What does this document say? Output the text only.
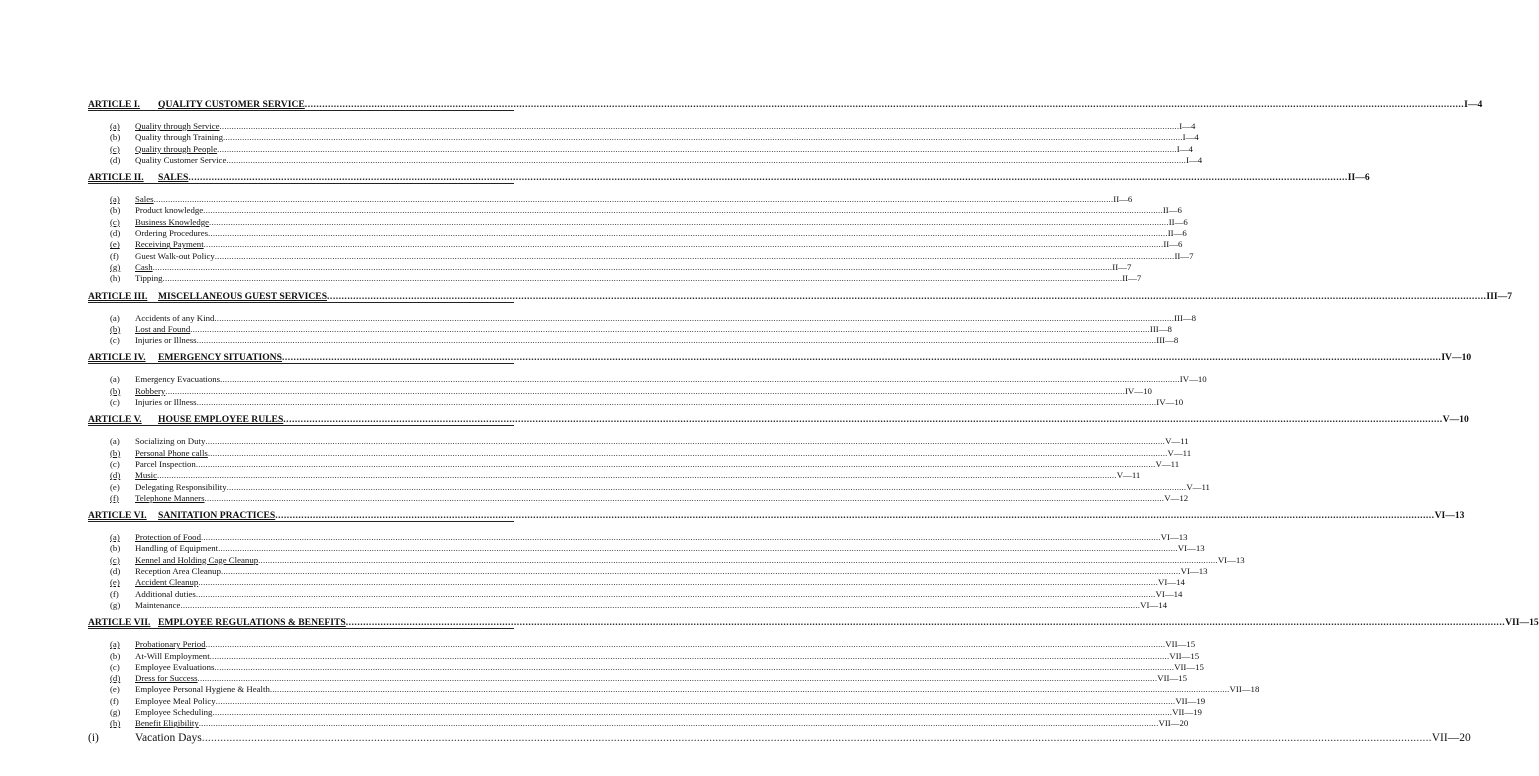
ARTICLE I.	QUALITY CUSTOMER SERVICE ................................................................................................................................................................................................................................................................................................................................................................................................................ I—4
(a)	Quality through Service ................................................................................................................................................................................................................................................................................................................................................................................................................ I—4
(b)	Quality through Training ................................................................................................................................................................................................................................................................................................................................................................................................................ I—4
(c)	Quality through People ................................................................................................................................................................................................................................................................................................................................................................................................................ I—4
(d)	Quality Customer Service ................................................................................................................................................................................................................................................................................................................................................................................................................ I—4
ARTICLE II.	SALES ................................................................................................................................................................................................................................................................................................................................................................................................................ II—6
(a)	Sales ................................................................................................................................................................................................................................................................................................................................................................................................................ II—6
(b)	Product knowledge ................................................................................................................................................................................................................................................................................................................................................................................................................ II—6
(c)	Business Knowledge ................................................................................................................................................................................................................................................................................................................................................................................................................ II—6
(d)	Ordering Procedures ................................................................................................................................................................................................................................................................................................................................................................................................................ II—6
(e)	Receiving Payment ................................................................................................................................................................................................................................................................................................................................................................................................................ II—6
(f)	Guest Walk-out Policy ................................................................................................................................................................................................................................................................................................................................................................................................................ II—7
(g)	Cash ................................................................................................................................................................................................................................................................................................................................................................................................................ II—7
(h)	Tipping ................................................................................................................................................................................................................................................................................................................................................................................................................ II—7
ARTICLE III.	MISCELLANEOUS GUEST SERVICES ................................................................................................................................................................................................................................................................................................................................................................................................................ III—7
(a)	Accidents of any Kind ................................................................................................................................................................................................................................................................................................................................................................................................................ III—8
(b)	Lost and Found ................................................................................................................................................................................................................................................................................................................................................................................................................ III—8
(c)	Injuries or Illness ................................................................................................................................................................................................................................................................................................................................................................................................................ III—8
ARTICLE IV.	EMERGENCY SITUATIONS ................................................................................................................................................................................................................................................................................................................................................................................................................ IV—10
(a)	Emergency Evacuations ................................................................................................................................................................................................................................................................................................................................................................................................................ IV—10
(b)	Robbery ................................................................................................................................................................................................................................................................................................................................................................................................................ IV—10
(c)	Injuries or Illness ................................................................................................................................................................................................................................................................................................................................................................................................................ IV—10
ARTICLE V.	HOUSE EMPLOYEE RULES ................................................................................................................................................................................................................................................................................................................................................................................................................ V—10
(a)	Socializing on Duty ................................................................................................................................................................................................................................................................................................................................................................................................................ V—11
(b)	Personal Phone calls ................................................................................................................................................................................................................................................................................................................................................................................................................ V—11
(c)	Parcel Inspection ................................................................................................................................................................................................................................................................................................................................................................................................................ V—11
(d)	Music ................................................................................................................................................................................................................................................................................................................................................................................................................ V—11
(e)	Delegating Responsibility ................................................................................................................................................................................................................................................................................................................................................................................................................ V—11
(f)	Telephone Manners ................................................................................................................................................................................................................................................................................................................................................................................................................ V—12
ARTICLE VI.	SANITATION PRACTICES ................................................................................................................................................................................................................................................................................................................................................................................................................ VI—13
(a)	Protection of Food ................................................................................................................................................................................................................................................................................................................................................................................................................ VI—13
(b)	Handling of Equipment ................................................................................................................................................................................................................................................................................................................................................................................................................ VI—13
(c)	Kennel and Holding Cage Cleanup ................................................................................................................................................................................................................................................................................................................................................................................................................ VI—13
(d)	Reception Area Cleanup ................................................................................................................................................................................................................................................................................................................................................................................................................ VI—13
(e)	Accident Cleanup ................................................................................................................................................................................................................................................................................................................................................................................................................ VI—14
(f)	Additional duties ................................................................................................................................................................................................................................................................................................................................................................................................................ VI—14
(g)	Maintenance ................................................................................................................................................................................................................................................................................................................................................................................................................ VI—14
ARTICLE VII. EMPLOYEE REGULATIONS & BENEFITS ................................................................................................................................................................................................................................................................................................................................................................................................................ VII—15
(a)	Probationary Period ................................................................................................................................................................................................................................................................................................................................................................................................................ VII—15
(b)	At-Will Employment ................................................................................................................................................................................................................................................................................................................................................................................................................ VII—15
(c)	Employee Evaluations ................................................................................................................................................................................................................................................................................................................................................................................................................ VII—15
(d)	Dress for Success ................................................................................................................................................................................................................................................................................................................................................................................................................ VII—15
(e)	Employee Personal Hygiene & Health ................................................................................................................................................................................................................................................................................................................................................................................................................ VII—18
(f)	Employee Meal Policy ................................................................................................................................................................................................................................................................................................................................................................................................................ VII—19
(g)	Employee Scheduling ................................................................................................................................................................................................................................................................................................................................................................................................................ VII—19
(h)	Benefit Eligibility ................................................................................................................................................................................................................................................................................................................................................................................................................ VII—20
(i)	Vacation Days ................................................................................................................................................................................................................................................................................................................................................................................................................ VII—20
